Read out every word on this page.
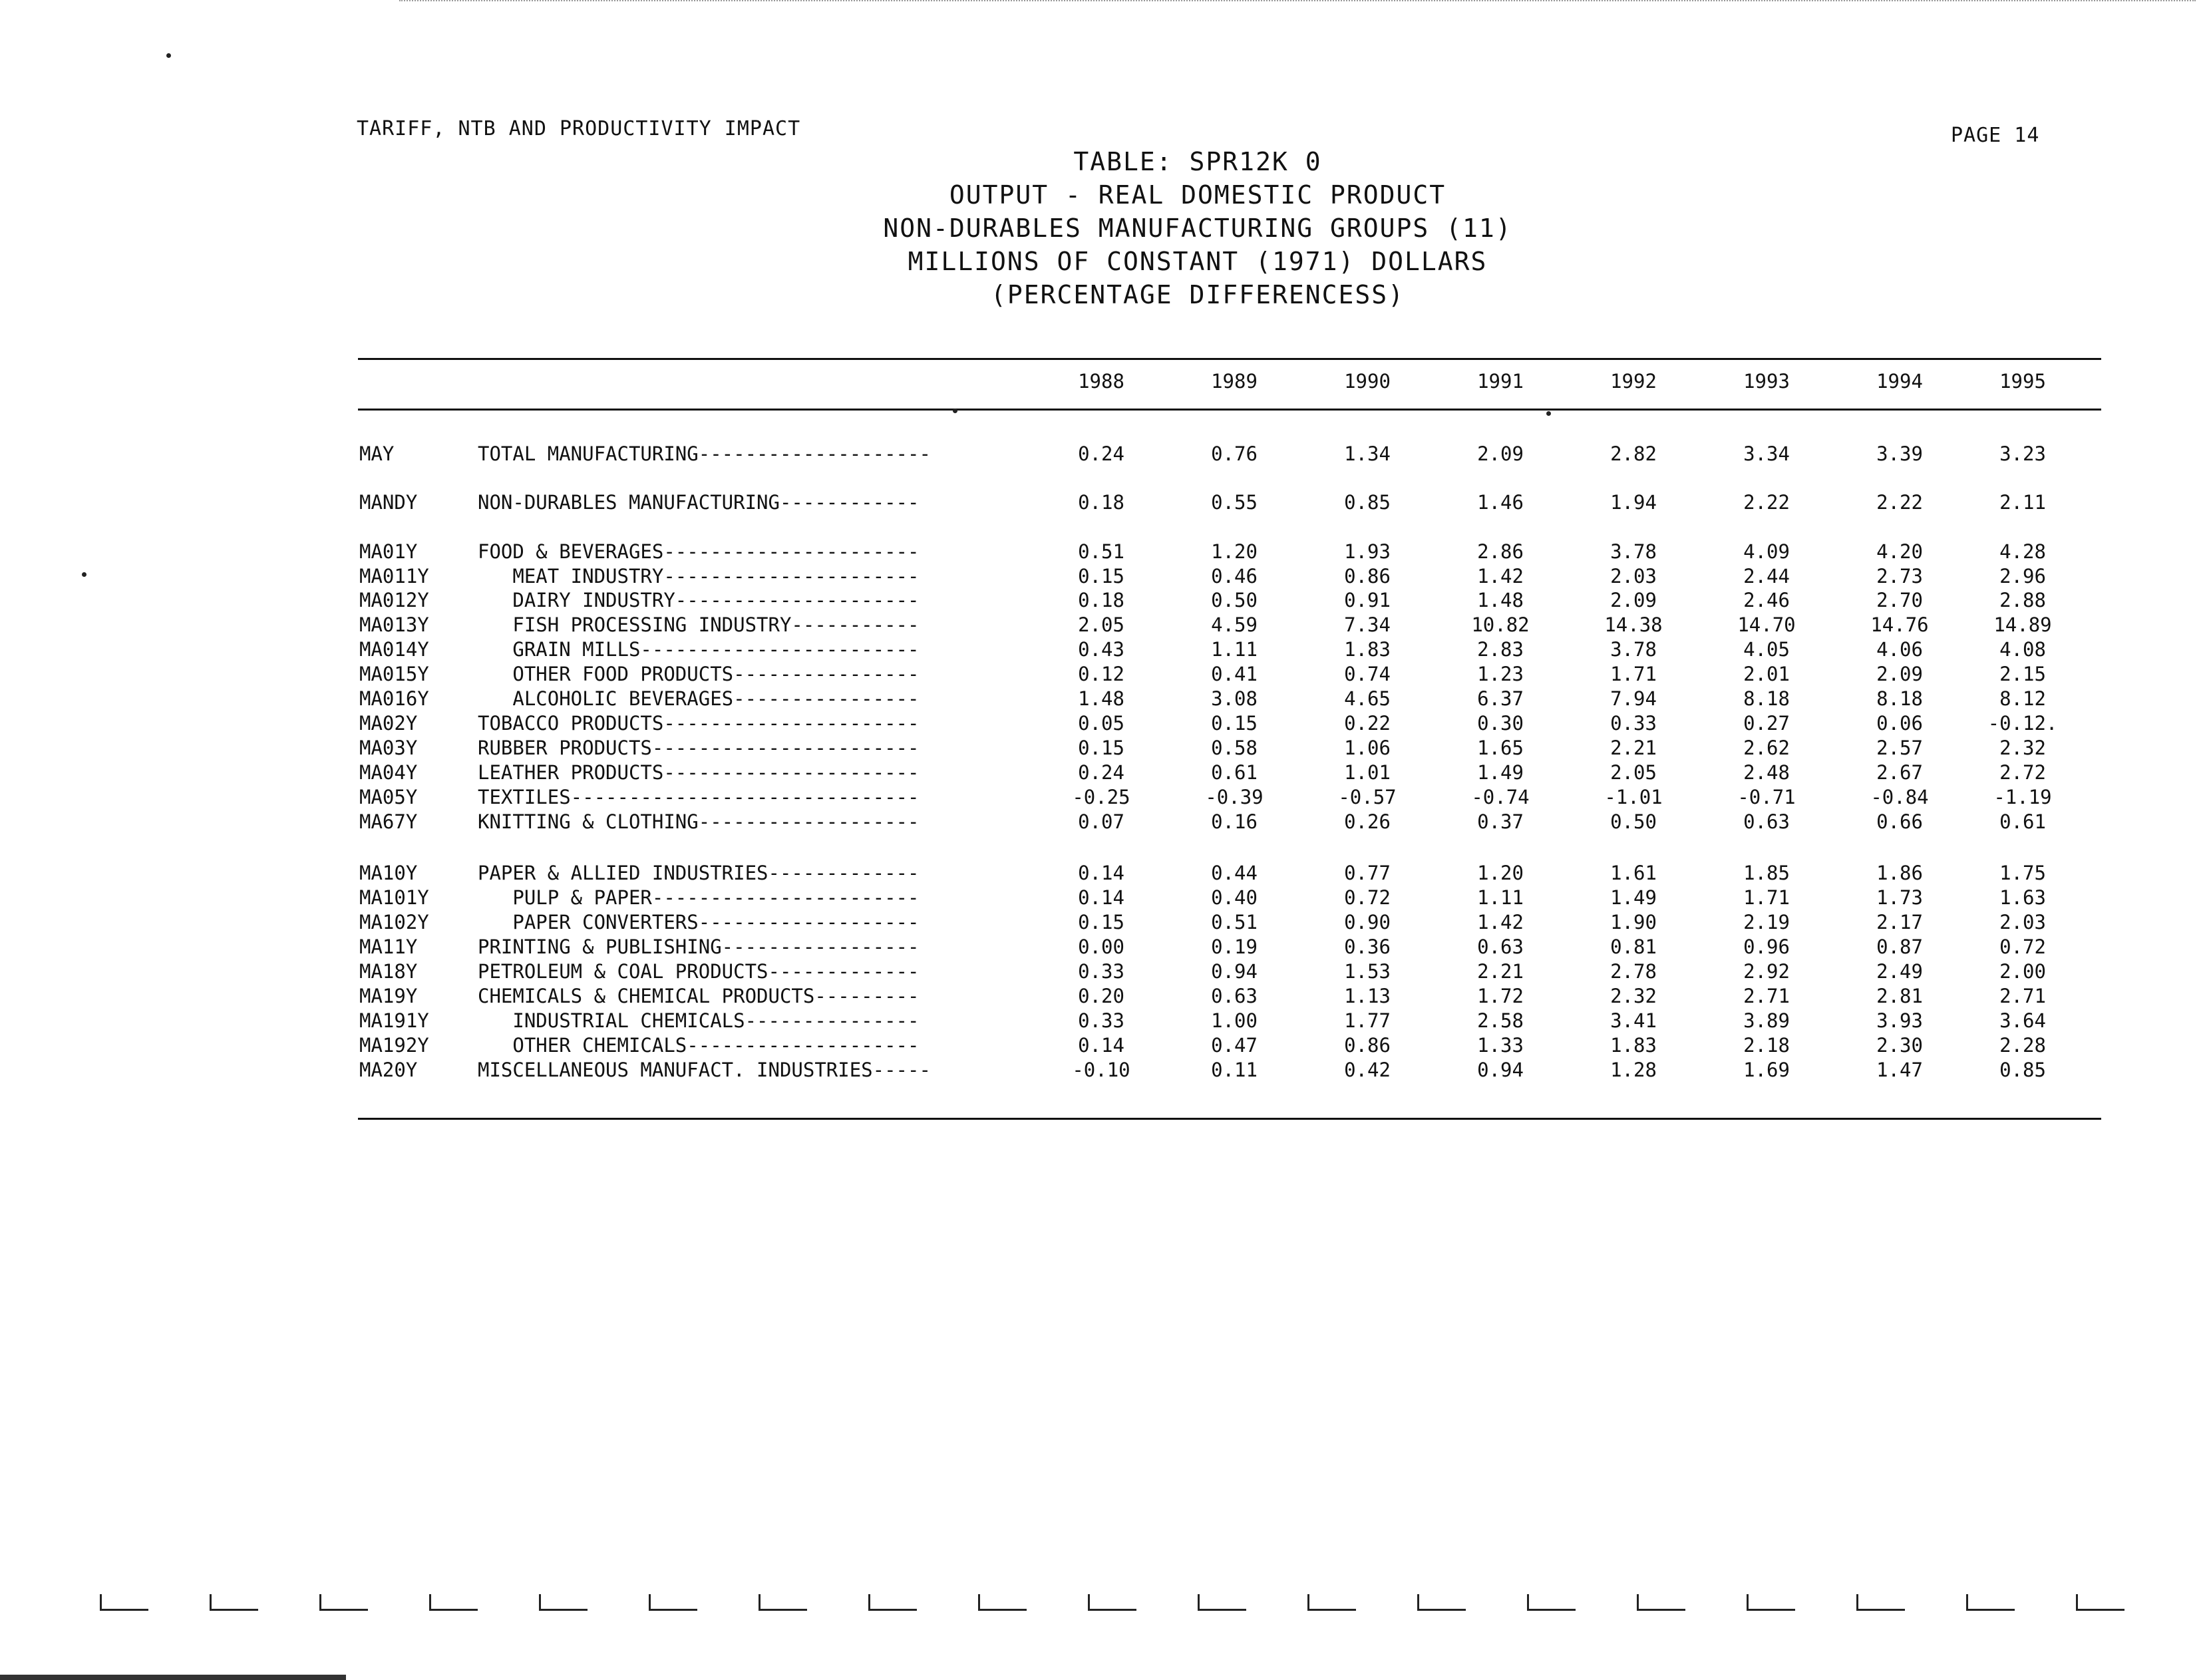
TARIFF, NTB AND PRODUCTIVITY IMPACT	PAGE 14
TABLE: SPR12K 0
OUTPUT - REAL DOMESTIC PRODUCT
NON-DURABLES MANUFACTURING GROUPS (11)
MILLIONS OF CONSTANT (1971) DOLLARS
(PERCENTAGE DIFFERENCESS)
1988	1989	1990	1991	1992	1993	1994	1995
MAY	TOTAL MANUFACTURING--------------------	0.24	0.76	1.34	2.09	2.82	3.34	3.39	3.23
MANDY	NON-DURABLES MANUFACTURING------------	0.18	0.55	0.85	1.46	1.94	2.22	2.22	2.11
MA01Y	FOOD & BEVERAGES----------------------	0.51	1.20	1.93	2.86	3.78	4.09	4.20	4.28
MA011Y	MEAT INDUSTRY----------------------	0.15	0.46	0.86	1.42	2.03	2.44	2.73	2.96
MA012Y	DAIRY INDUSTRY---------------------	0.18	0.50	0.91	1.48	2.09	2.46	2.70	2.88
MA013Y	FISH PROCESSING INDUSTRY-----------	2.05	4.59	7.34	10.82	14.38	14.70	14.76	14.89
MA014Y	GRAIN MILLS------------------------	0.43	1.11	1.83	2.83	3.78	4.05	4.06	4.08
MA015Y	OTHER FOOD PRODUCTS----------------	0.12	0.41	0.74	1.23	1.71	2.01	2.09	2.15
MA016Y	ALCOHOLIC BEVERAGES----------------	1.48	3.08	4.65	6.37	7.94	8.18	8.18	8.12
MA02Y	TOBACCO PRODUCTS----------------------	0.05	0.15	0.22	0.30	0.33	0.27	0.06	-0.12.
MA03Y	RUBBER PRODUCTS-----------------------	0.15	0.58	1.06	1.65	2.21	2.62	2.57	2.32
MA04Y	LEATHER PRODUCTS----------------------	0.24	0.61	1.01	1.49	2.05	2.48	2.67	2.72
MA05Y	TEXTILES------------------------------	-0.25	-0.39	-0.57	-0.74	-1.01	-0.71	-0.84	-1.19
MA67Y	KNITTING & CLOTHING-------------------	0.07	0.16	0.26	0.37	0.50	0.63	0.66	0.61
MA10Y	PAPER & ALLIED INDUSTRIES-------------	0.14	0.44	0.77	1.20	1.61	1.85	1.86	1.75
MA101Y	PULP & PAPER-----------------------	0.14	0.40	0.72	1.11	1.49	1.71	1.73	1.63
MA102Y	PAPER CONVERTERS-------------------	0.15	0.51	0.90	1.42	1.90	2.19	2.17	2.03
MA11Y	PRINTING & PUBLISHING-----------------	0.00	0.19	0.36	0.63	0.81	0.96	0.87	0.72
MA18Y	PETROLEUM & COAL PRODUCTS-------------	0.33	0.94	1.53	2.21	2.78	2.92	2.49	2.00
MA19Y	CHEMICALS & CHEMICAL PRODUCTS---------	0.20	0.63	1.13	1.72	2.32	2.71	2.81	2.71
MA191Y	INDUSTRIAL CHEMICALS---------------	0.33	1.00	1.77	2.58	3.41	3.89	3.93	3.64
MA192Y	OTHER CHEMICALS--------------------	0.14	0.47	0.86	1.33	1.83	2.18	2.30	2.28
MA20Y	MISCELLANEOUS MANUFACT. INDUSTRIES-----	-0.10	0.11	0.42	0.94	1.28	1.69	1.47	0.85
